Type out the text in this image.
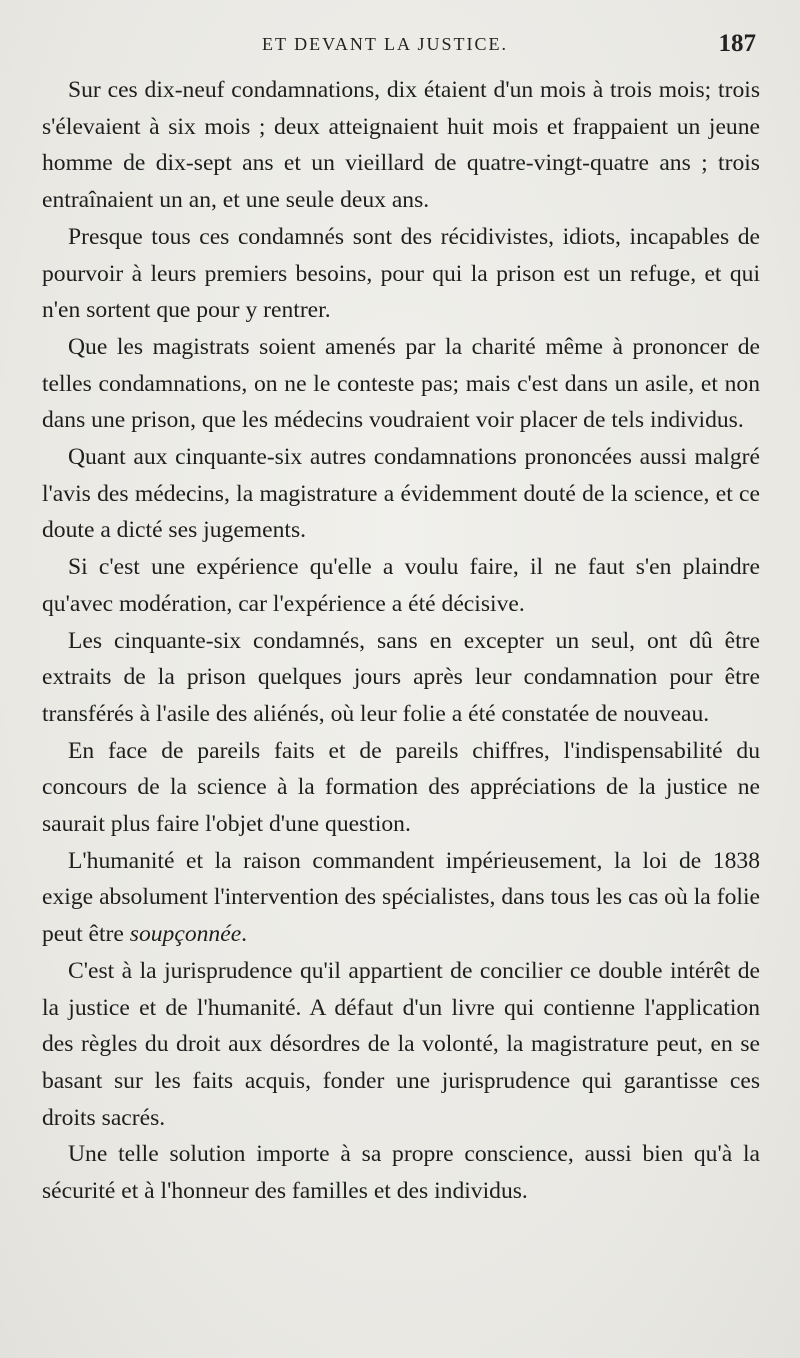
ET DEVANT LA JUSTICE.	187

Sur ces dix-neuf condamnations, dix étaient d'un mois à trois mois; trois s'élevaient à six mois ; deux atteignaient huit mois et frappaient un jeune homme de dix-sept ans et un vieillard de quatre-vingt-quatre ans ; trois entraînaient un an, et une seule deux ans.

Presque tous ces condamnés sont des récidivistes, idiots, incapables de pourvoir à leurs premiers besoins, pour qui la prison est un refuge, et qui n'en sortent que pour y rentrer.

Que les magistrats soient amenés par la charité même à prononcer de telles condamnations, on ne le conteste pas; mais c'est dans un asile, et non dans une prison, que les médecins voudraient voir placer de tels individus.

Quant aux cinquante-six autres condamnations prononcées aussi malgré l'avis des médecins, la magistrature a évidemment douté de la science, et ce doute a dicté ses jugements.

Si c'est une expérience qu'elle a voulu faire, il ne faut s'en plaindre qu'avec modération, car l'expérience a été décisive.

Les cinquante-six condamnés, sans en excepter un seul, ont dû être extraits de la prison quelques jours après leur condamnation pour être transférés à l'asile des aliénés, où leur folie a été constatée de nouveau.

En face de pareils faits et de pareils chiffres, l'indispensabilité du concours de la science à la formation des appréciations de la justice ne saurait plus faire l'objet d'une question.

L'humanité et la raison commandent impérieusement, la loi de 1838 exige absolument l'intervention des spécialistes, dans tous les cas où la folie peut être soupçonnée.

C'est à la jurisprudence qu'il appartient de concilier ce double intérêt de la justice et de l'humanité. A défaut d'un livre qui contienne l'application des règles du droit aux désordres de la volonté, la magistrature peut, en se basant sur les faits acquis, fonder une jurisprudence qui garantisse ces droits sacrés.

Une telle solution importe à sa propre conscience, aussi bien qu'à la sécurité et à l'honneur des familles et des individus.
